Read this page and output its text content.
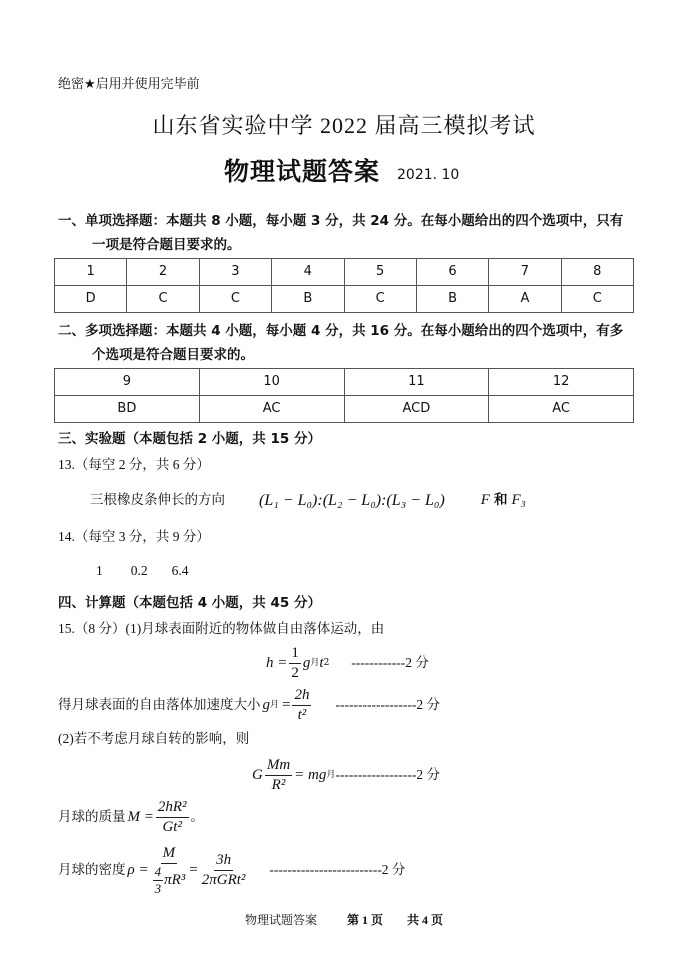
绝密★启用并使用完毕前
山东省实验中学 2022 届高三模拟考试
物理试题答案 2021. 10
一、单项选择题：本题共 8 小题，每小题 3 分，共 24 分。在每小题给出的四个选项中，只有
一项是符合题目要求的。
1	2	3	4	5	6	7	8
D	C	C	B	C	B	A	C
二、多项选择题：本题共 4 小题，每小题 4 分，共 16 分。在每小题给出的四个选项中，有多
个选项是符合题目要求的。
9	10	11	12
BD	AC	ACD	AC
三、实验题（本题包括 2 小题，共 15 分）
13.（每空 2 分，共 6 分）
三根橡皮条伸长的方向 (L₁ − L₀):(L₂ − L₀):(L₃ − L₀) F 和 F₃
14.（每空 3 分，共 9 分）
1 0.2 6.4
四、计算题（本题包括 4 小题，共 45 分）
15.（8 分）(1)月球表面附近的物体做自由落体运动，由
$h = \frac{1}{2}$ g 月 t 2 ------------2 分
得月球表面的自由落体加速度大小 g 月 = $\frac{2h}{\text{t²}} ------------------2$ 分
(2)若不考虑月球自转的影响，则
G $\frac{Mm}{\text{R²}}$ = mg 月 ------------------2 分
月球的质量 $M = \frac{\text{2hR²}}{\text{Gt²}}$ 。
月球的密度 $\rho = \frac{M}{\frac{4}{3} \pi R^3} = \frac{3h}{\text{2πGRt²}} -------------------------2$ 分
物理试题答案	第 1 页 共 4 页
